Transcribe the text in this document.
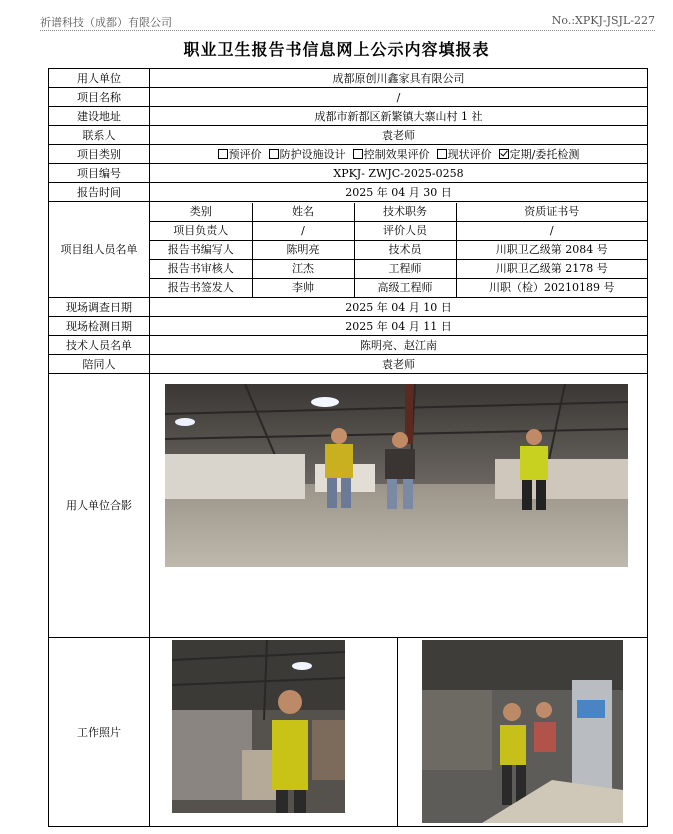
祈谱科技（成都）有限公司	No.:XPKJ-JSJL-227
职业卫生报告书信息网上公示内容填报表
用人单位	成都原创川鑫家具有限公司
项目名称	/
建设地址	成都市新都区新繁镇大寨山村 1 社
联系人	袁老师
项目类别	预评价 防护设施设计 控制效果评价 现状评价 定期/委托检测
项目编号	XPKJ- ZWJC-2025-0258
报告时间	2025 年 04 月 30 日
项目组人员名单	
类别	姓名	技术职务	资质证书号
项目负责人	/	评价人员	/
报告书编写人	陈明亮	技术员	川职卫乙级第 2084 号
报告书审核人	江杰	工程师	川职卫乙级第 2178 号
报告书签发人	李帅	高级工程师	川职（检）20210189 号

现场调查日期	2025 年 04 月 10 日
现场检测日期	2025 年 04 月 11 日
技术人员名单	陈明亮、赵江南
陪同人	袁老师
用人单位合影	

工作照片	
